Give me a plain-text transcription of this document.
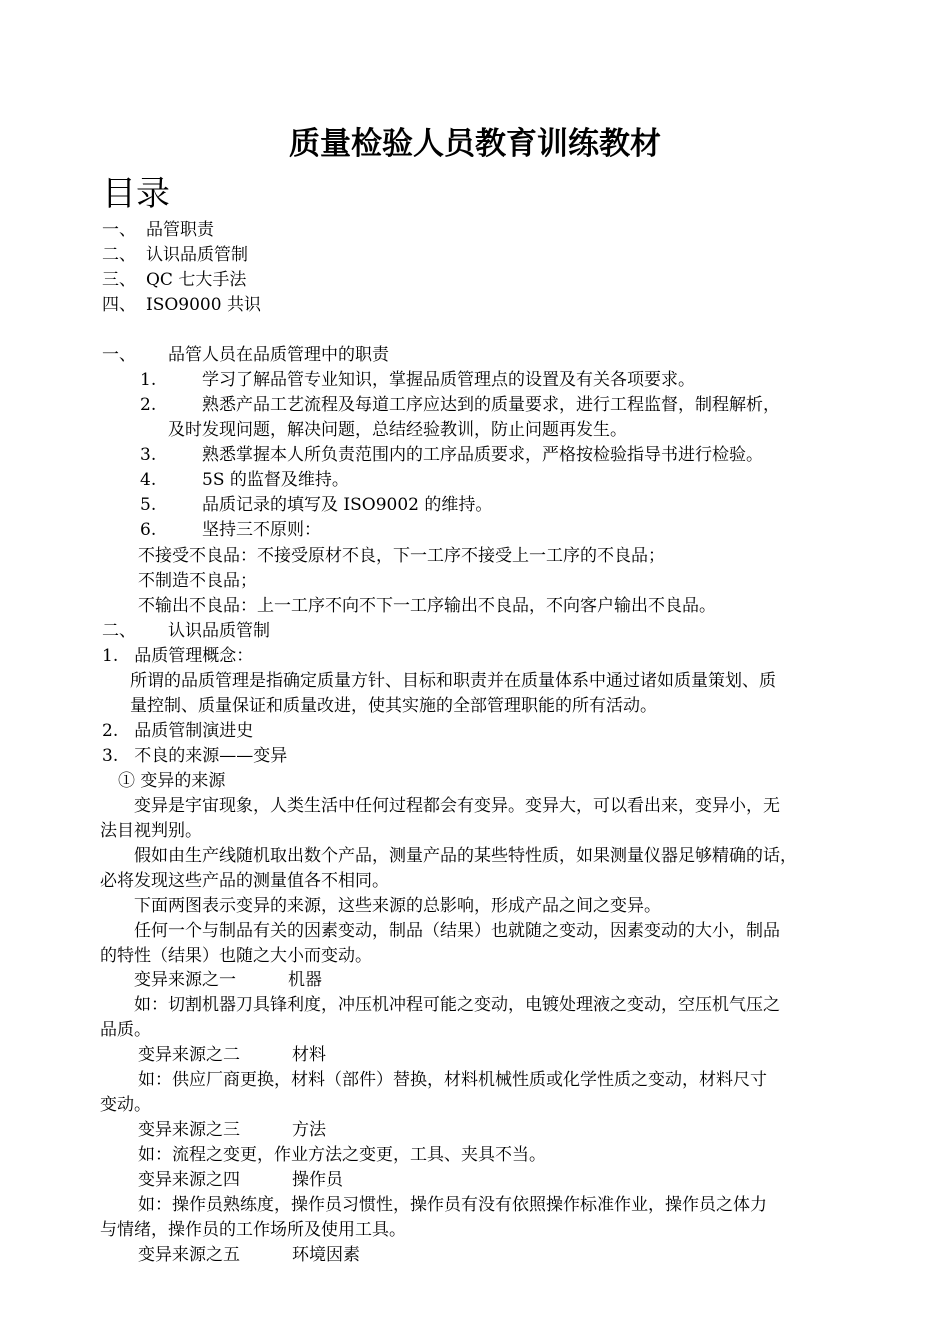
质量检验人员教育训练教材
目录
一、 品管职责
二、 认识品质管制
三、 QC 七大手法
四、 ISO9000 共识
一、 品管人员在品质管理中的职责
1.	学习了解品管专业知识，掌握品质管理点的设置及有关各项要求。
2.	熟悉产品工艺流程及每道工序应达到的质量要求，进行工程监督，制程解析，
及时发现问题，解决问题，总结经验教训，防止问题再发生。
3.	熟悉掌握本人所负责范围内的工序品质要求，严格按检验指导书进行检验。
4.	5S 的监督及维持。
5.	品质记录的填写及 ISO9002 的维持。
6.	坚持三不原则：
不接受不良品：不接受原材不良，下一工序不接受上一工序的不良品；
不制造不良品；
不输出不良品：上一工序不向不下一工序输出不良品，不向客户输出不良品。
二、 认识品质管制
1. 品质管理概念：
所谓的品质管理是指确定质量方针、目标和职责并在质量体系中通过诸如质量策划、质
量控制、质量保证和质量改进，使其实施的全部管理职能的所有活动。
2. 品质管制演进史
3. 不良的来源——变异
① 变异的来源
变异是宇宙现象，人类生活中任何过程都会有变异。变异大，可以看出来，变异小，无
法目视判别。
假如由生产线随机取出数个产品，测量产品的某些特性质，如果测量仪器足够精确的话，
必将发现这些产品的测量值各不相同。
下面两图表示变异的来源，这些来源的总影响，形成产品之间之变异。
任何一个与制品有关的因素变动，制品（结果）也就随之变动，因素变动的大小，制品
的特性（结果）也随之大小而变动。
变异来源之一	机器
如：切割机器刀具锋利度，冲压机冲程可能之变动，电镀处理液之变动，空压机气压之
品质。
变异来源之二	材料
如：供应厂商更换，材料（部件）替换，材料机械性质或化学性质之变动，材料尺寸
变动。
变异来源之三	方法
如：流程之变更，作业方法之变更，工具、夹具不当。
变异来源之四	操作员
如：操作员熟练度，操作员习惯性，操作员有没有依照操作标准作业，操作员之体力
与情绪，操作员的工作场所及使用工具。
变异来源之五	环境因素
